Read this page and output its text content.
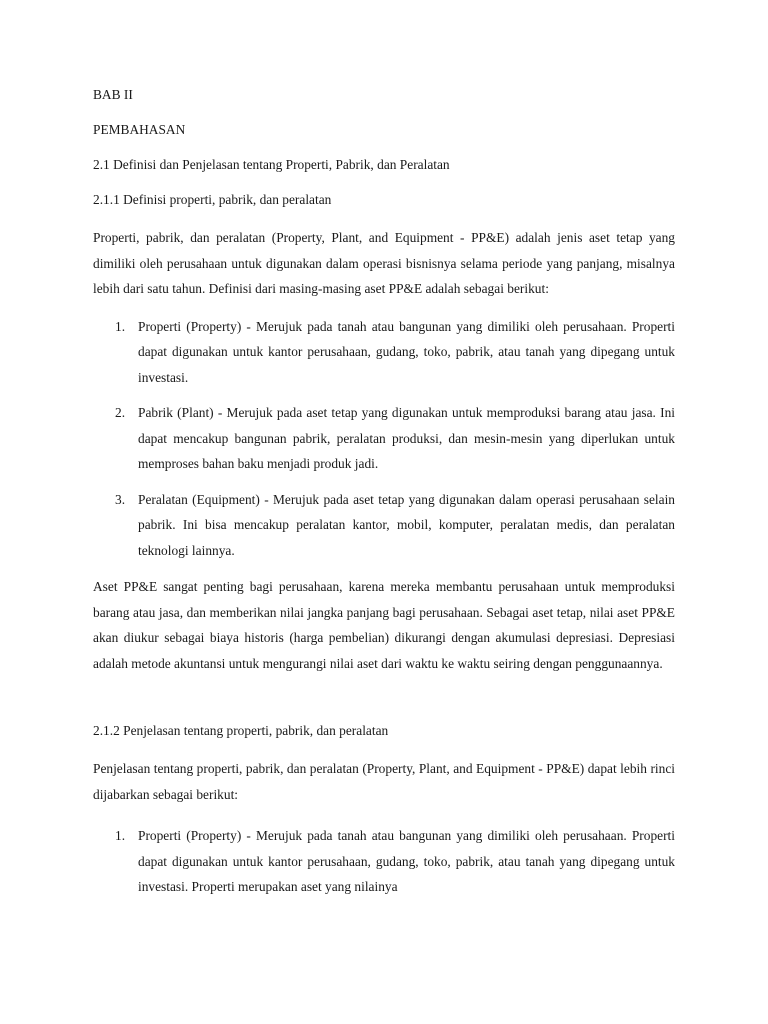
BAB II

PEMBAHASAN

2.1 Definisi dan Penjelasan tentang Properti, Pabrik, dan Peralatan

2.1.1 Definisi properti, pabrik, dan peralatan

Properti, pabrik, dan peralatan (Property, Plant, and Equipment - PP&E) adalah jenis aset tetap yang dimiliki oleh perusahaan untuk digunakan dalam operasi bisnisnya selama periode yang panjang, misalnya lebih dari satu tahun. Definisi dari masing-masing aset PP&E adalah sebagai berikut:

1. Properti (Property) - Merujuk pada tanah atau bangunan yang dimiliki oleh perusahaan. Properti dapat digunakan untuk kantor perusahaan, gudang, toko, pabrik, atau tanah yang dipegang untuk investasi.
2. Pabrik (Plant) - Merujuk pada aset tetap yang digunakan untuk memproduksi barang atau jasa. Ini dapat mencakup bangunan pabrik, peralatan produksi, dan mesin-mesin yang diperlukan untuk memproses bahan baku menjadi produk jadi.
3. Peralatan (Equipment) - Merujuk pada aset tetap yang digunakan dalam operasi perusahaan selain pabrik. Ini bisa mencakup peralatan kantor, mobil, komputer, peralatan medis, dan peralatan teknologi lainnya.

Aset PP&E sangat penting bagi perusahaan, karena mereka membantu perusahaan untuk memproduksi barang atau jasa, dan memberikan nilai jangka panjang bagi perusahaan. Sebagai aset tetap, nilai aset PP&E akan diukur sebagai biaya historis (harga pembelian) dikurangi dengan akumulasi depresiasi. Depresiasi adalah metode akuntansi untuk mengurangi nilai aset dari waktu ke waktu seiring dengan penggunaannya.

2.1.2 Penjelasan tentang properti, pabrik, dan peralatan

Penjelasan tentang properti, pabrik, dan peralatan (Property, Plant, and Equipment - PP&E) dapat lebih rinci dijabarkan sebagai berikut:

1. Properti (Property) - Merujuk pada tanah atau bangunan yang dimiliki oleh perusahaan. Properti dapat digunakan untuk kantor perusahaan, gudang, toko, pabrik, atau tanah yang dipegang untuk investasi. Properti merupakan aset yang nilainya
